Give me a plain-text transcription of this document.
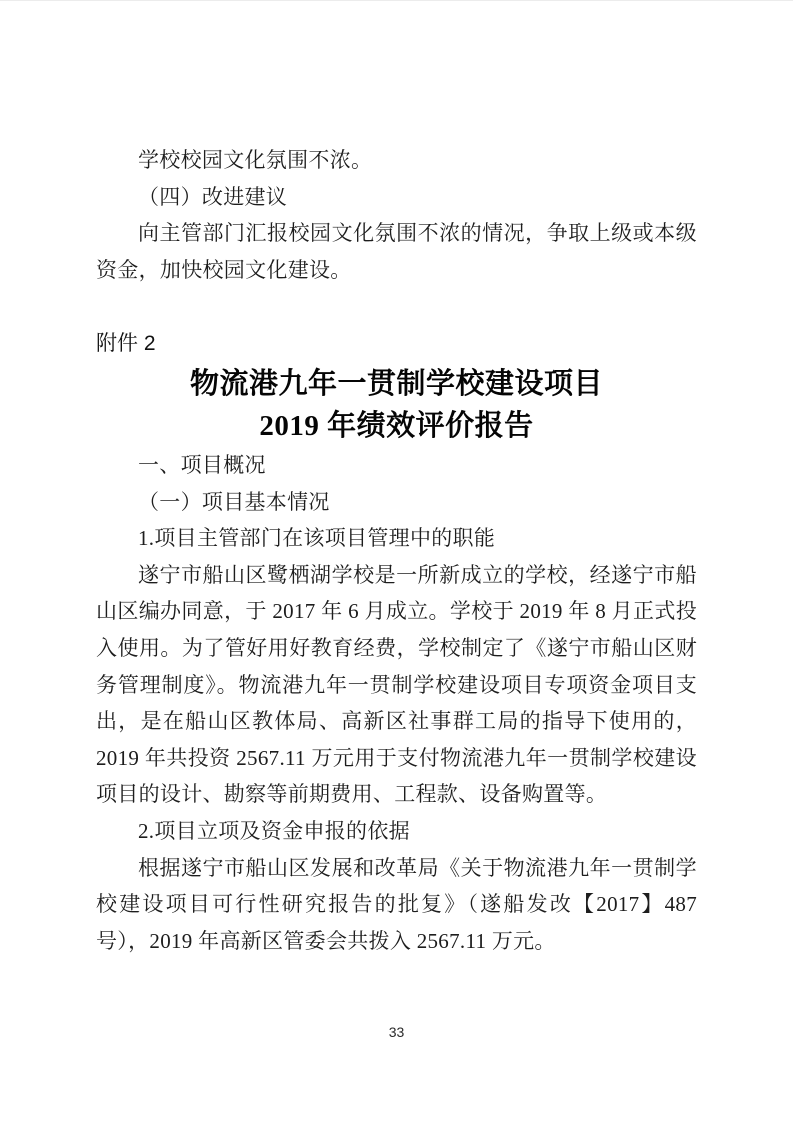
学校校园文化氛围不浓。

（四）改进建议

向主管部门汇报校园文化氛围不浓的情况，争取上级或本级资金，加快校园文化建设。

附件 2

物流港九年一贯制学校建设项目
2019 年绩效评价报告

一、项目概况

（一）项目基本情况

1.项目主管部门在该项目管理中的职能

遂宁市船山区鹭栖湖学校是一所新成立的学校，经遂宁市船山区编办同意，于 2017 年 6 月成立。学校于 2019 年 8 月正式投入使用。为了管好用好教育经费，学校制定了《遂宁市船山区财务管理制度》。物流港九年一贯制学校建设项目专项资金项目支出，是在船山区教体局、高新区社事群工局的指导下使用的，2019 年共投资 2567.11 万元用于支付物流港九年一贯制学校建设项目的设计、勘察等前期费用、工程款、设备购置等。

2.项目立项及资金申报的依据

根据遂宁市船山区发展和改革局《关于物流港九年一贯制学校建设项目可行性研究报告的批复》（遂船发改【2017】487 号），2019 年高新区管委会共拨入 2567.11 万元。

33
